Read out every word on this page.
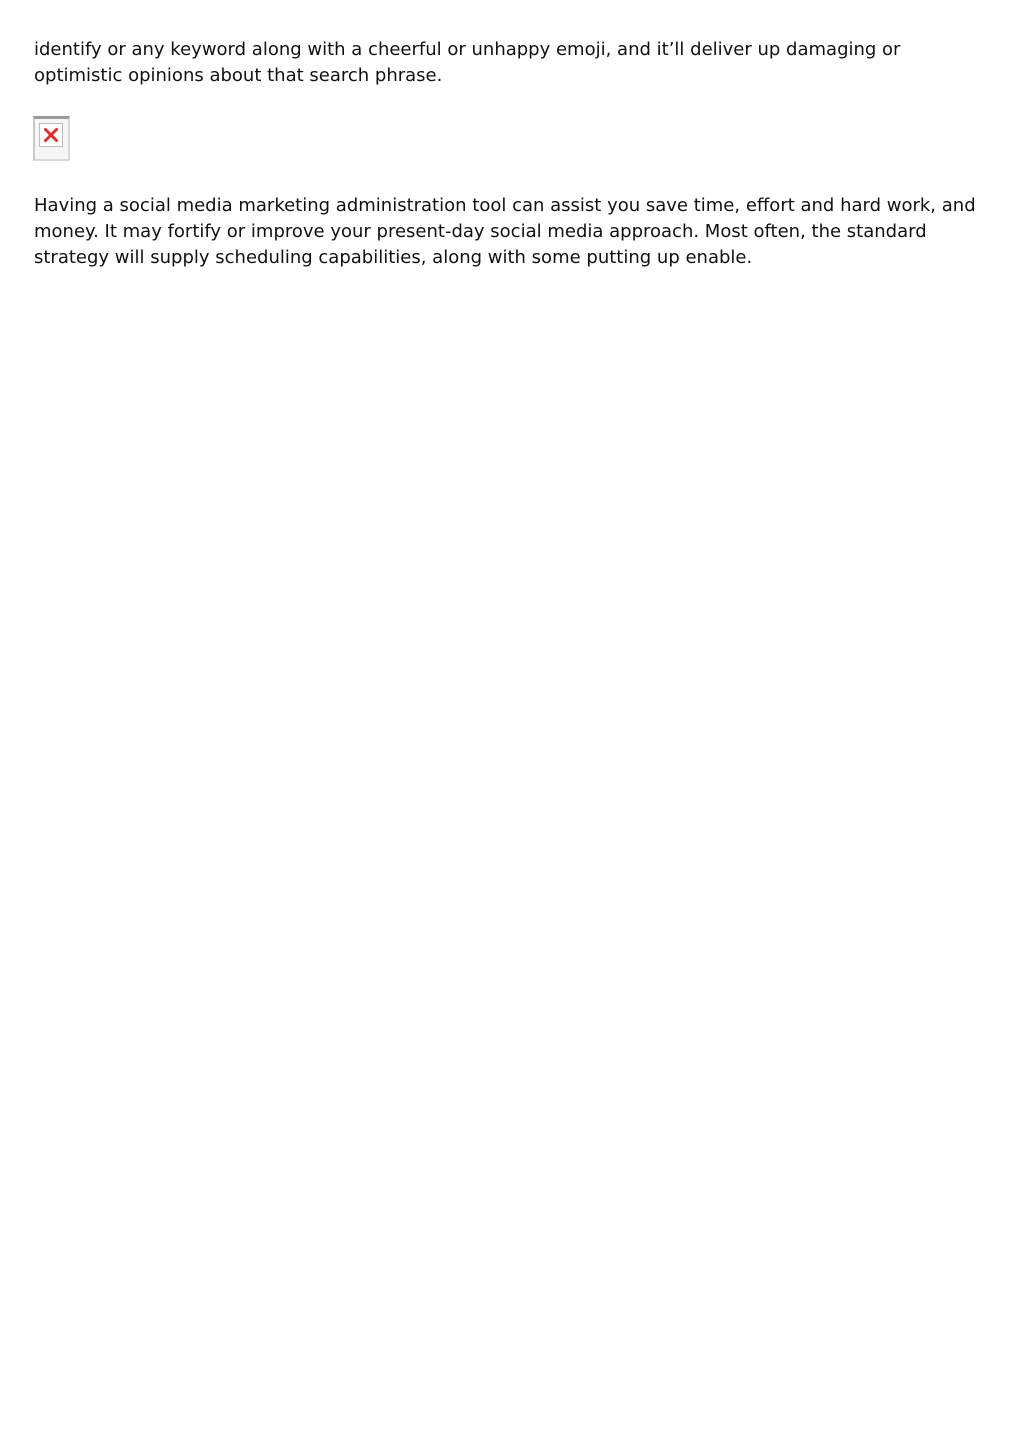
identify or any keyword along with a cheerful or unhappy emoji, and it’ll deliver up damaging or optimistic opinions about that search phrase.

Having a social media marketing administration tool can assist you save time, effort and hard work, and money. It may fortify or improve your present-day social media approach. Most often, the standard strategy will supply scheduling capabilities, along with some putting up enable.
